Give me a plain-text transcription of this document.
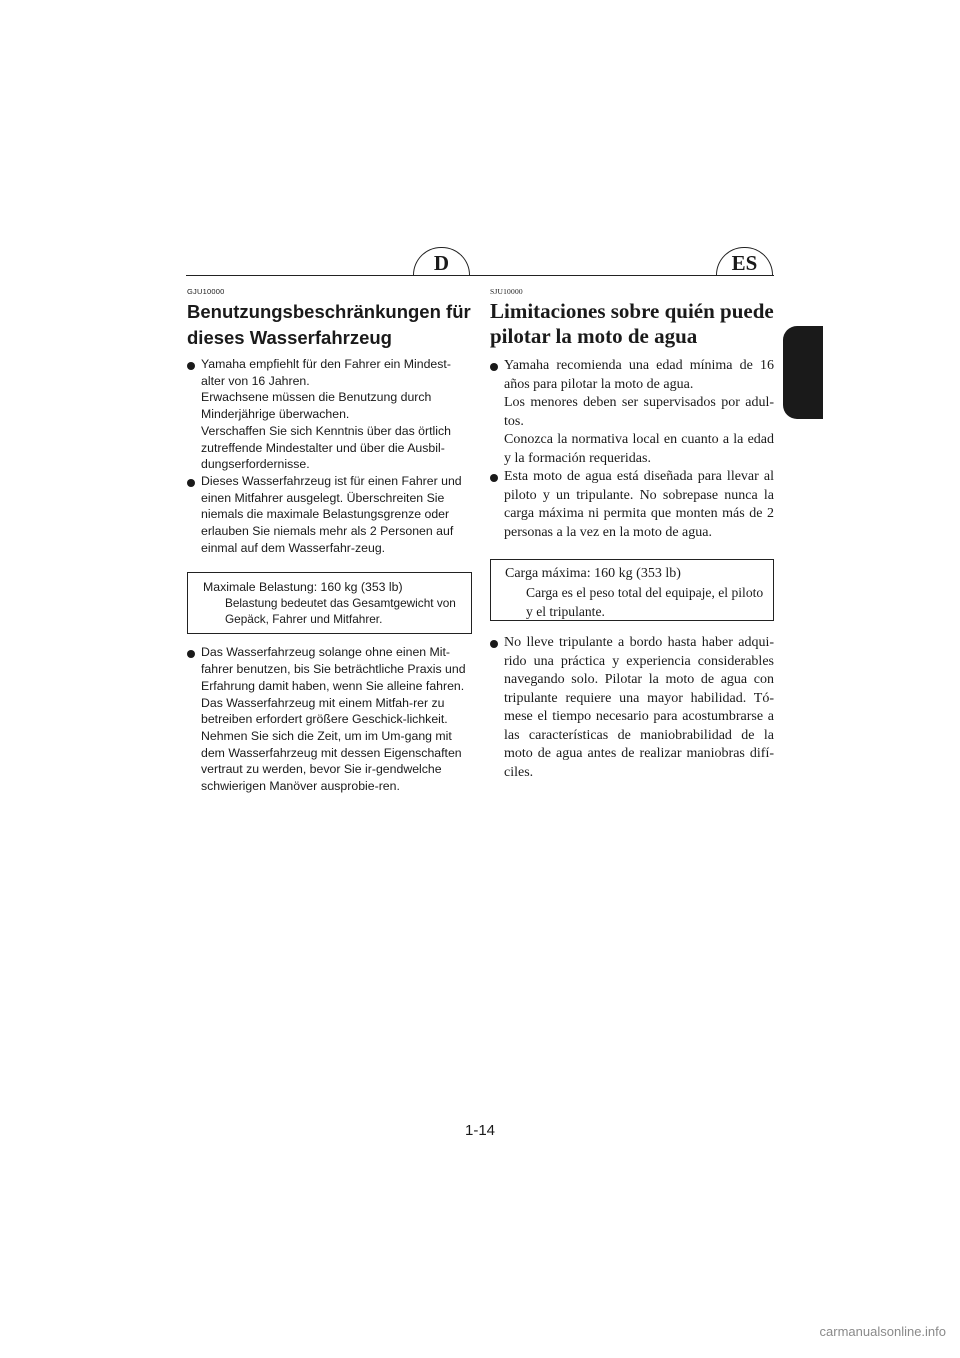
D	ES
GJU10000
Benutzungsbeschränkungen für dieses Wasserfahrzeug
Yamaha empfiehlt für den Fahrer ein Mindest-alter von 16 Jahren.
Erwachsene müssen die Benutzung durch Minderjährige überwachen.
Verschaffen Sie sich Kenntnis über das örtlich zutreffende Mindestalter und über die Ausbil-dungserfordernisse.
Dieses Wasserfahrzeug ist für einen Fahrer und einen Mitfahrer ausgelegt. Überschreiten Sie niemals die maximale Belastungsgrenze oder erlauben Sie niemals mehr als 2 Personen auf einmal auf dem Wasserfahr-zeug.
Maximale Belastung: 160 kg (353 lb)
Belastung bedeutet das Gesamtgewicht von Gepäck, Fahrer und Mitfahrer.
Das Wasserfahrzeug solange ohne einen Mit-fahrer benutzen, bis Sie beträchtliche Praxis und Erfahrung damit haben, wenn Sie alleine fahren. Das Wasserfahrzeug mit einem Mitfah-rer zu betreiben erfordert größere Geschick-lichkeit. Nehmen Sie sich die Zeit, um im Um-gang mit dem Wasserfahrzeug mit dessen Eigenschaften vertraut zu werden, bevor Sie ir-gendwelche schwierigen Manöver ausprobie-ren.
SJU10000
Limitaciones sobre quién puede pilotar la moto de agua
Yamaha recomienda una edad mínima de 16 años para pilotar la moto de agua.
Los menores deben ser supervisados por adul-tos.
Conozca la normativa local en cuanto a la edad y la formación requeridas.
Esta moto de agua está diseñada para llevar al piloto y un tripulante. No sobrepase nunca la carga máxima ni permita que monten más de 2 personas a la vez en la moto de agua.
Carga máxima: 160 kg (353 lb)
Carga es el peso total del equipaje, el piloto y el tripulante.
No lleve tripulante a bordo hasta haber adqui-rido una práctica y experiencia considerables navegando solo. Pilotar la moto de agua con tripulante requiere una mayor habilidad. Tó-mese el tiempo necesario para acostumbrarse a las características de maniobrabilidad de la moto de agua antes de realizar maniobras difí-ciles.
1-14
carmanualsonline.info
